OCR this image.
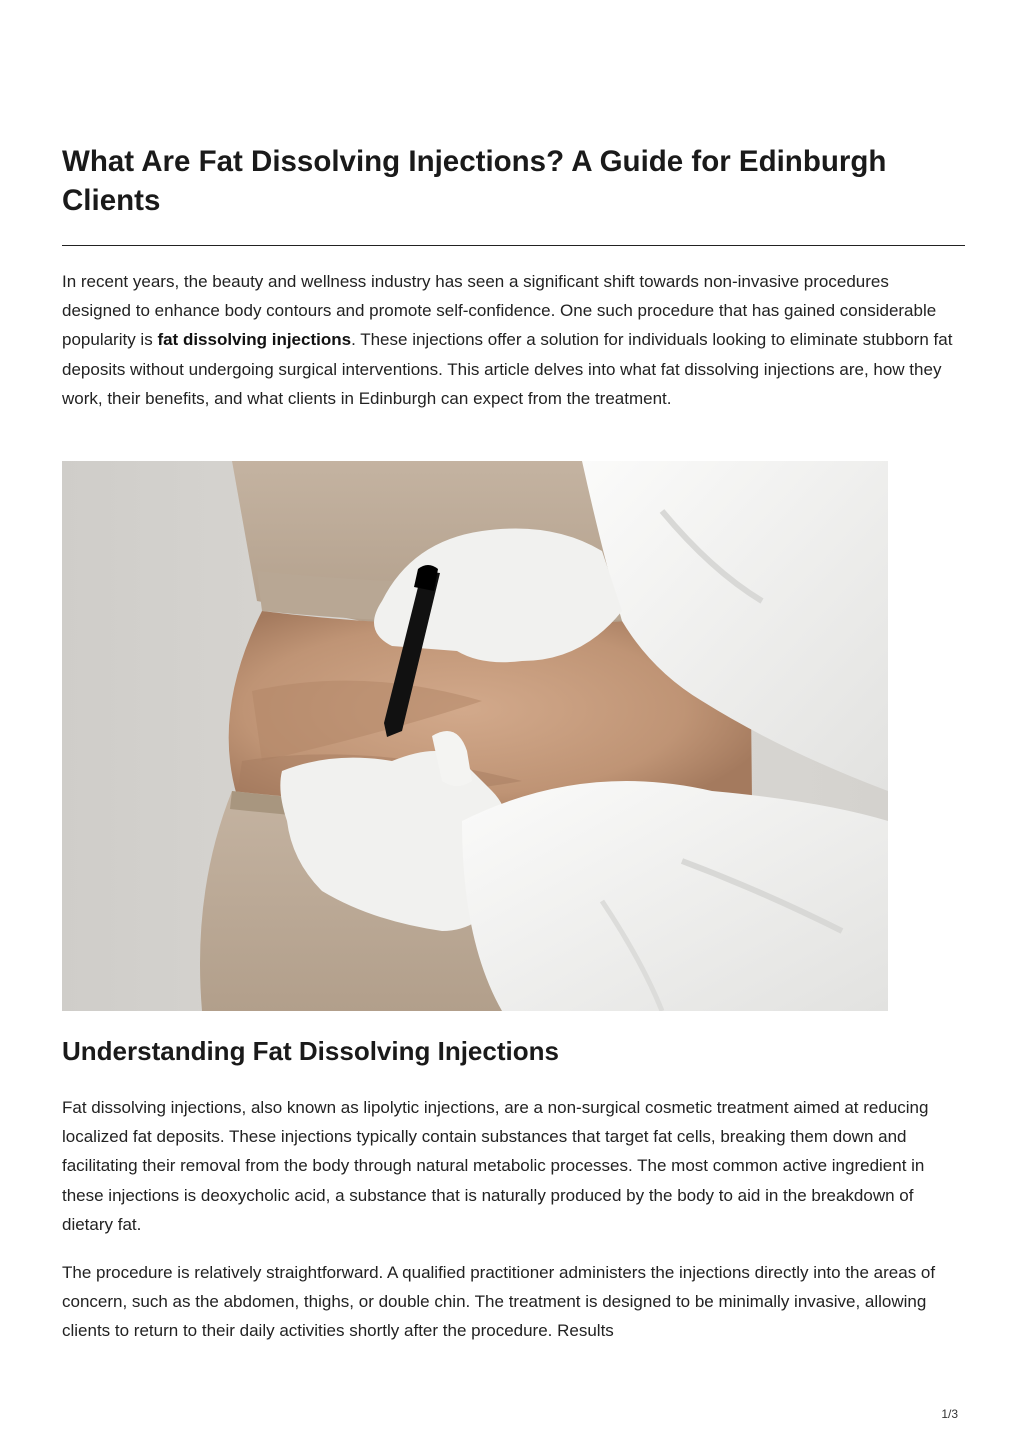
What Are Fat Dissolving Injections? A Guide for Edinburgh Clients

In recent years, the beauty and wellness industry has seen a significant shift towards non-invasive procedures designed to enhance body contours and promote self-confidence. One such procedure that has gained considerable popularity is fat dissolving injections. These injections offer a solution for individuals looking to eliminate stubborn fat deposits without undergoing surgical interventions. This article delves into what fat dissolving injections are, how they work, their benefits, and what clients in Edinburgh can expect from the treatment.

Understanding Fat Dissolving Injections

Fat dissolving injections, also known as lipolytic injections, are a non-surgical cosmetic treatment aimed at reducing localized fat deposits. These injections typically contain substances that target fat cells, breaking them down and facilitating their removal from the body through natural metabolic processes. The most common active ingredient in these injections is deoxycholic acid, a substance that is naturally produced by the body to aid in the breakdown of dietary fat.

The procedure is relatively straightforward. A qualified practitioner administers the injections directly into the areas of concern, such as the abdomen, thighs, or double chin. The treatment is designed to be minimally invasive, allowing clients to return to their daily activities shortly after the procedure. Results

1/3
